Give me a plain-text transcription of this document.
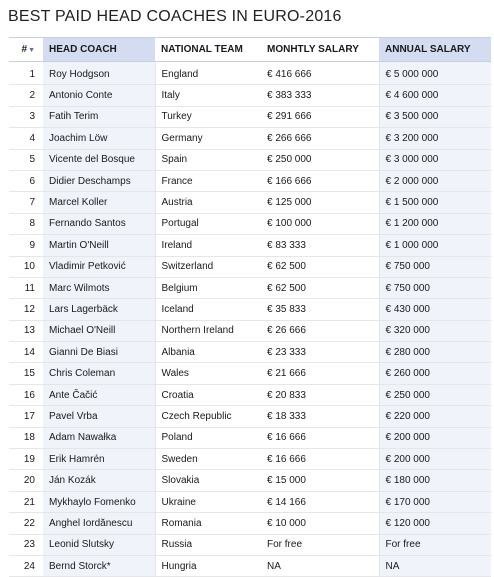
BEST PAID HEAD COACHES IN EURO-2016
#▼	HEAD COACH	NATIONAL TEAM	MONHTLY SALARY	ANNUAL SALARY
1	Roy Hodgson	England	€ 416 666	€ 5 000 000
2	Antonio Conte	Italy	€ 383 333	€ 4 600 000
3	Fatih Terim	Turkey	€ 291 666	€ 3 500 000
4	Joachim Löw	Germany	€ 266 666	€ 3 200 000
5	Vicente del Bosque	Spain	€ 250 000	€ 3 000 000
6	Didier Deschamps	France	€ 166 666	€ 2 000 000
7	Marcel Koller	Austria	€ 125 000	€ 1 500 000
8	Fernando Santos	Portugal	€ 100 000	€ 1 200 000
9	Martin O'Neill	Ireland	€ 83 333	€ 1 000 000
10	Vladimir Petković	Switzerland	€ 62 500	€ 750 000
11	Marc Wilmots	Belgium	€ 62 500	€ 750 000
12	Lars Lagerbäck	Iceland	€ 35 833	€ 430 000
13	Michael O'Neill	Northern Ireland	€ 26 666	€ 320 000
14	Gianni De Biasi	Albania	€ 23 333	€ 280 000
15	Chris Coleman	Wales	€ 21 666	€ 260 000
16	Ante Čačić	Croatia	€ 20 833	€ 250 000
17	Pavel Vrba	Czech Republic	€ 18 333	€ 220 000
18	Adam Nawałka	Poland	€ 16 666	€ 200 000
19	Erik Hamrén	Sweden	€ 16 666	€ 200 000
20	Ján Kozák	Slovakia	€ 15 000	€ 180 000
21	Mykhaylo Fomenko	Ukraine	€ 14 166	€ 170 000
22	Anghel Iordănescu	Romania	€ 10 000	€ 120 000
23	Leonid Slutsky	Russia	For free	For free
24	Bernd Storck*	Hungria	NA	NA
